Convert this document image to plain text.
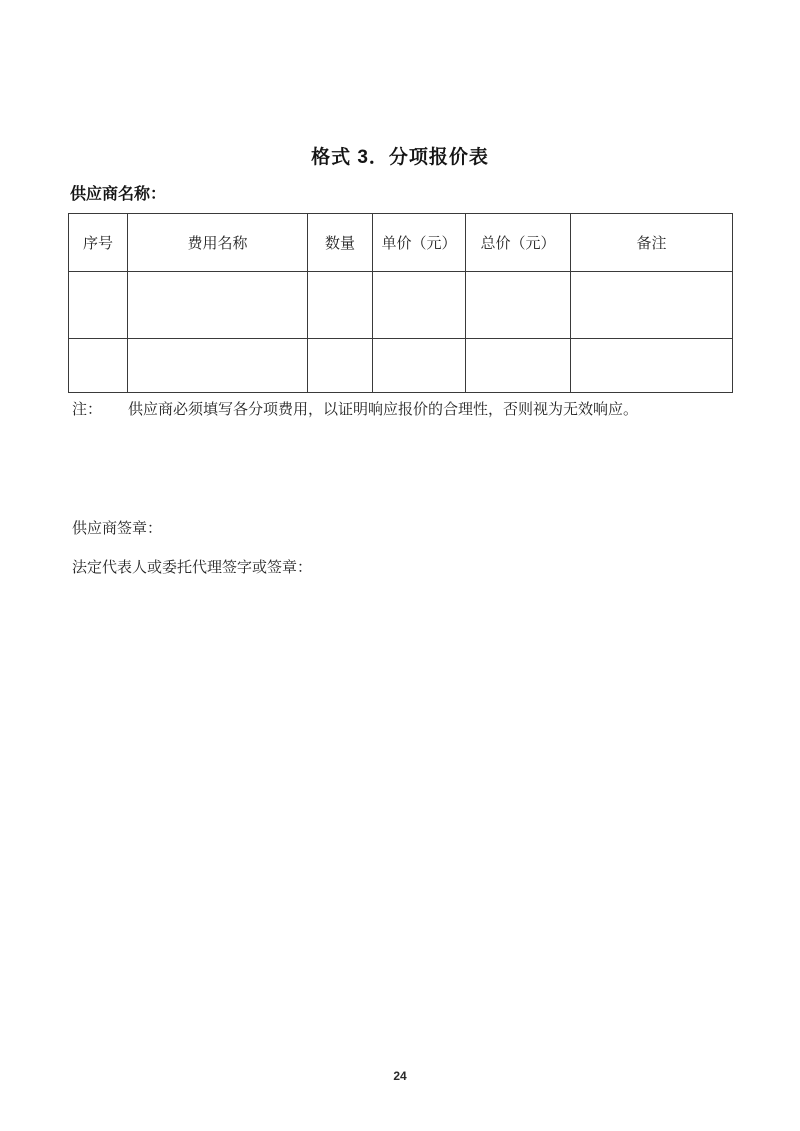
格式 3．分项报价表
供应商名称：
序号	费用名称	数量	单价（元）	总价（元）	备注

注： 供应商必须填写各分项费用，以证明响应报价的合理性，否则视为无效响应。
供应商签章：
法定代表人或委托代理签字或签章：
24
